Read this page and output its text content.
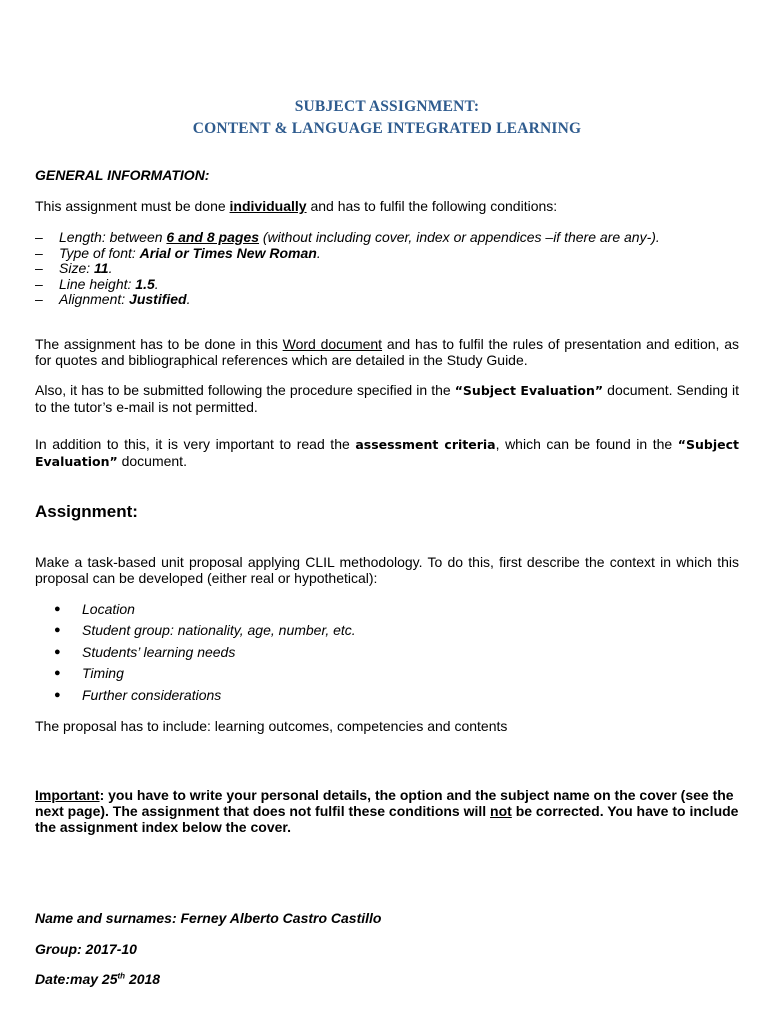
SUBJECT ASSIGNMENT:
CONTENT & LANGUAGE INTEGRATED LEARNING
GENERAL INFORMATION:
This assignment must be done individually and has to fulfil the following conditions:
–	Length: between 6 and 8 pages (without including cover, index or appendices –if there are any-).
–	Type of font: Arial or Times New Roman.
–	Size: 11.
–	Line height: 1.5.
–	Alignment: Justified.
The assignment has to be done in this Word document and has to fulfil the rules of presentation and edition, as for quotes and bibliographical references which are detailed in the Study Guide.
Also, it has to be submitted following the procedure specified in the “Subject Evaluation” document. Sending it to the tutor’s e-mail is not permitted.
In addition to this, it is very important to read the assessment criteria, which can be found in the “Subject Evaluation” document.
Assignment:
Make a task-based unit proposal applying CLIL methodology. To do this, first describe the context in which this proposal can be developed (either real or hypothetical):
●	Location
●	Student group: nationality, age, number, etc.
●	Students’ learning needs
●	Timing
●	Further considerations
The proposal has to include: learning outcomes, competencies and contents
Important: you have to write your personal details, the option and the subject name on the cover (see the next page). The assignment that does not fulfil these conditions will not be corrected. You have to include the assignment index below the cover.
Name and surnames: Ferney Alberto Castro Castillo
Group: 2017-10
Date:may 25th 2018
